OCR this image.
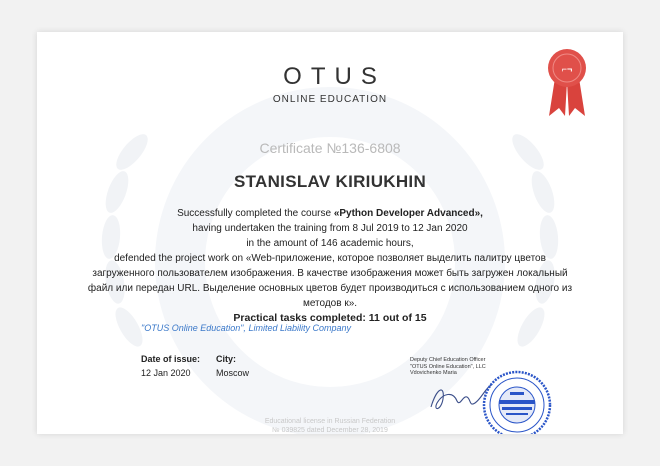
⌐¬
OTUS
ONLINE EDUCATION
Certificate №136-6808
STANISLAV KIRIUKHIN
Successfully completed the course «Python Developer Advanced»,
having undertaken the training from 8 Jul 2019 to 12 Jan 2020
in the amount of 146 academic hours,
defended the project work on «Web-приложение, которое позволяет выделить палитру цветов загруженного пользователем изображения. В качестве изображения может быть загружен локальный файл или передан URL. Выделение основных цветов будет производиться с использованием одного из методов к».
Practical tasks completed: 11 out of 15
"OTUS Online Education", Limited Liability Company
Date of issue:
12 Jan 2020
City:
Moscow
Deputy Chief Education Officer
"OTUS Online Education", LLC
Vdovichenko Maria
Educational license in Russian Federation
№ 039825 dated December 28, 2019
